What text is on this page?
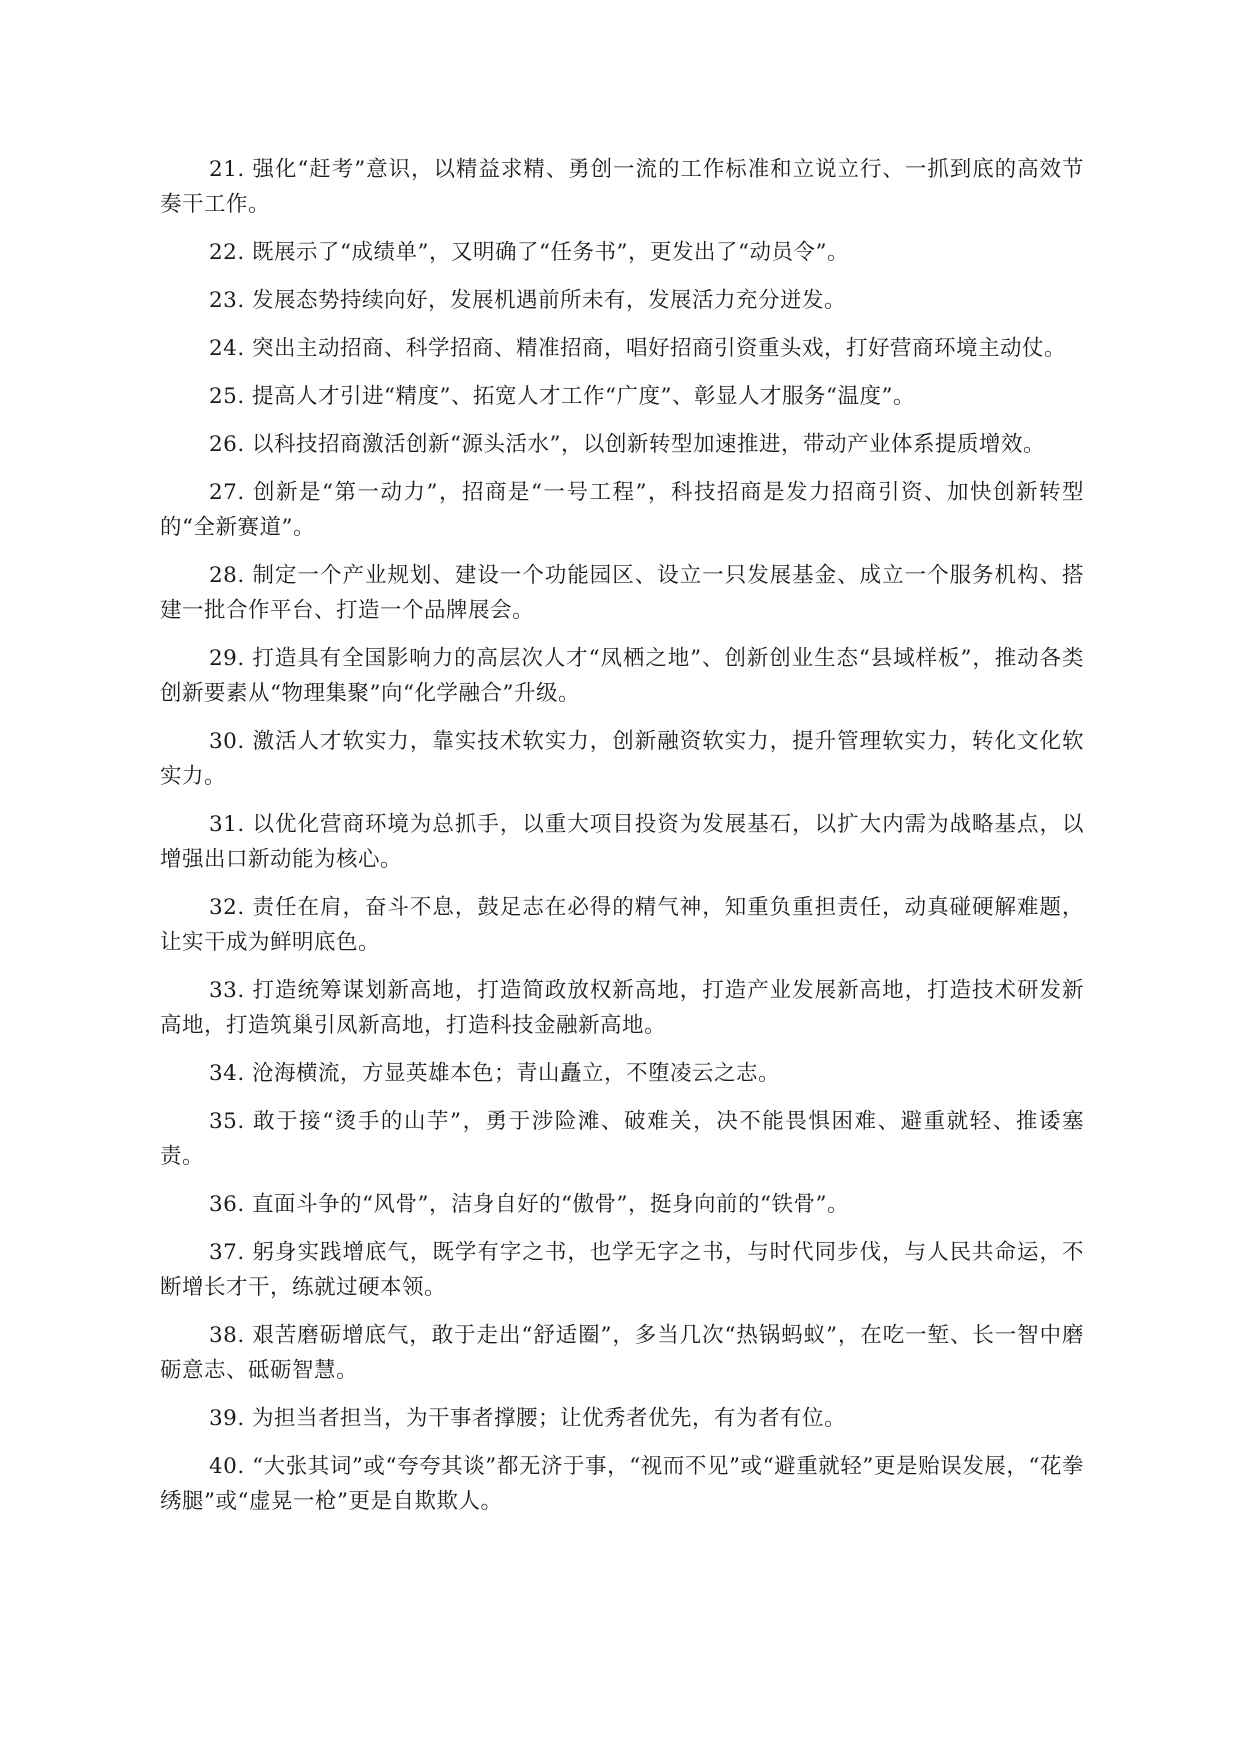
21. 强化“赶考”意识，以精益求精、勇创一流的工作标准和立说立行、一抓到底的高效节奏干工作。

22. 既展示了“成绩单”，又明确了“任务书”，更发出了“动员令”。

23. 发展态势持续向好，发展机遇前所未有，发展活力充分迸发。

24. 突出主动招商、科学招商、精准招商，唱好招商引资重头戏，打好营商环境主动仗。

25. 提高人才引进“精度”、拓宽人才工作“广度”、彰显人才服务“温度”。

26. 以科技招商激活创新“源头活水”，以创新转型加速推进，带动产业体系提质增效。

27. 创新是“第一动力”，招商是“一号工程”，科技招商是发力招商引资、加快创新转型的“全新赛道”。

28. 制定一个产业规划、建设一个功能园区、设立一只发展基金、成立一个服务机构、搭建一批合作平台、打造一个品牌展会。

29. 打造具有全国影响力的高层次人才“凤栖之地”、创新创业生态“县域样板”，推动各类创新要素从“物理集聚”向“化学融合”升级。

30. 激活人才软实力，靠实技术软实力，创新融资软实力，提升管理软实力，转化文化软实力。

31. 以优化营商环境为总抓手，以重大项目投资为发展基石，以扩大内需为战略基点，以增强出口新动能为核心。

32. 责任在肩，奋斗不息，鼓足志在必得的精气神，知重负重担责任，动真碰硬解难题，让实干成为鲜明底色。

33. 打造统筹谋划新高地，打造简政放权新高地，打造产业发展新高地，打造技术研发新高地，打造筑巢引凤新高地，打造科技金融新高地。

34. 沧海横流，方显英雄本色；青山矗立，不堕凌云之志。

35. 敢于接“烫手的山芋”，勇于涉险滩、破难关，决不能畏惧困难、避重就轻、推诿塞责。

36. 直面斗争的“风骨”，洁身自好的“傲骨”，挺身向前的“铁骨”。

37. 躬身实践增底气，既学有字之书，也学无字之书，与时代同步伐，与人民共命运，不断增长才干，练就过硬本领。

38. 艰苦磨砺增底气，敢于走出“舒适圈”，多当几次“热锅蚂蚁”，在吃一堑、长一智中磨砺意志、砥砺智慧。

39. 为担当者担当，为干事者撑腰；让优秀者优先，有为者有位。

40. “大张其词”或“夸夸其谈”都无济于事，“视而不见”或“避重就轻”更是贻误发展，“花拳绣腿”或“虚晃一枪”更是自欺欺人。
